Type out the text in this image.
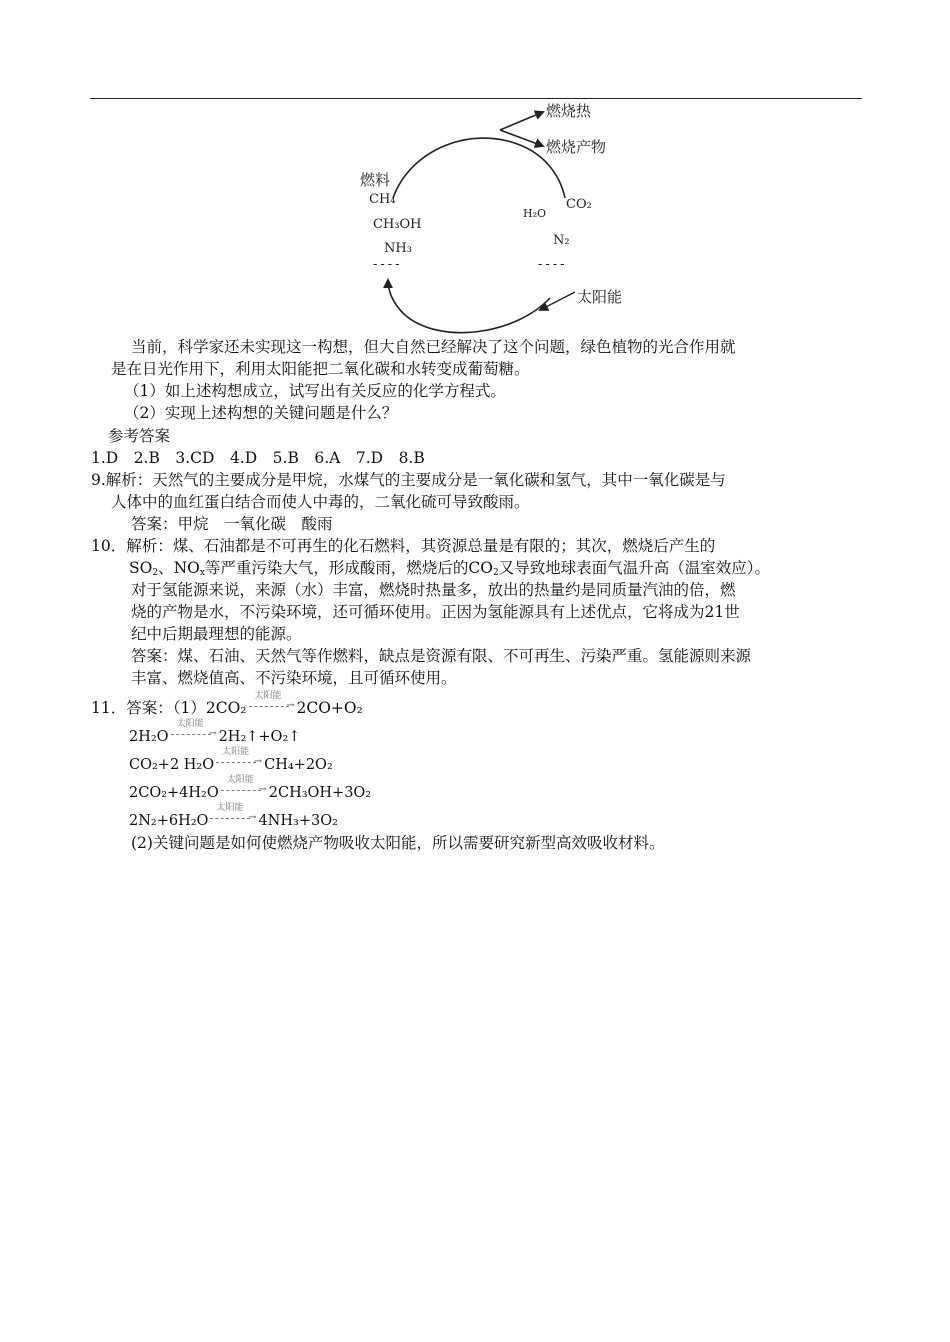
燃烧热
燃烧产物
燃料
CH₄
CH₃OH
NH₃
----
H₂O
CO₂
N₂
----
太阳能
当前，科学家还未实现这一构想，但大自然已经解决了这个问题，绿色植物的光合作用就
是在日光作用下，利用太阳能把二氧化碳和水转变成葡萄糖。
（1）如上述构想成立，试写出有关反应的化学方程式。
（2）实现上述构想的关键问题是什么？
参考答案
1.D　2.B　3.CD　4.D　5.B　6.A　7.D　8.B
9.解析：天然气的主要成分是甲烷，水煤气的主要成分是一氧化碳和氢气，其中一氧化碳是与
人体中的血红蛋白结合而使人中毒的，二氧化硫可导致酸雨。
答案：甲烷　一氧化碳　酸雨
10．解析：煤、石油都是不可再生的化石燃料，其资源总量是有限的；其次，燃烧后产生的
$SO_2$、$NO_x$等严重污染大气，形成酸雨，燃烧后的$CO_2$又导致地球表面气温升高（温室效应）。
对于氢能源来说，来源（水）丰富，燃烧时热量多，放出的热量约是同质量汽油的倍，燃
烧的产物是水，不污染环境，还可循环使用。正因为氢能源具有上述优点，它将成为21世
纪中后期最理想的能源。
答案：煤、石油、天然气等作燃料，缺点是资源有限、不可再生、污染严重。氢能源则来源
丰富、燃烧值高、不污染环境，且可循环使用。
11．答案：（1）2CO₂
太阳能
→ 2CO+O₂
2H₂O
太阳能
→ 2H₂↑+O₂↑
CO₂+2 H₂O
太阳能
→ CH₄+2O₂
2CO₂+4H₂O
太阳能
→ 2CH₃OH+3O₂
2N₂+6H₂O
太阳能
→ 4NH₃+3O₂
(2)关键问题是如何使燃烧产物吸收太阳能，所以需要研究新型高效吸收材料。
